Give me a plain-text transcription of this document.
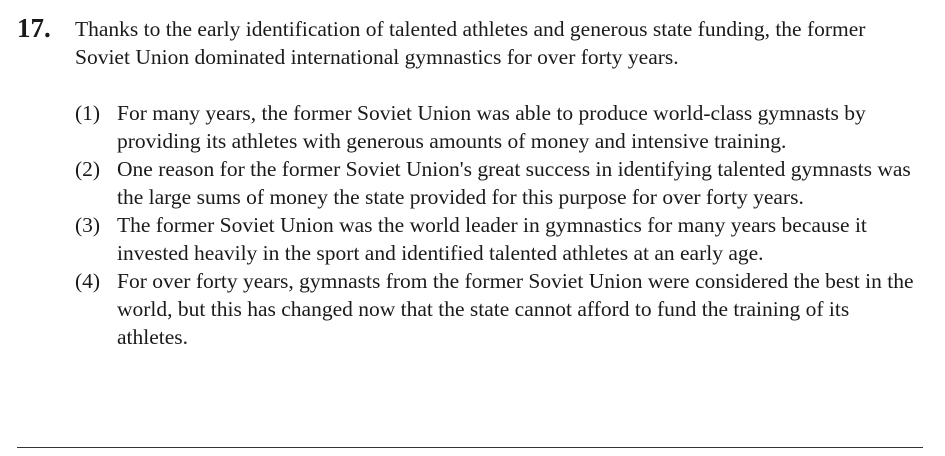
17.	Thanks to the early identification of talented athletes and generous state funding, the former Soviet Union dominated international gymnastics for over forty years.
(1) For many years, the former Soviet Union was able to produce world-class gymnasts by providing its athletes with generous amounts of money and intensive training.
(2) One reason for the former Soviet Union's great success in identifying talented gymnasts was the large sums of money the state provided for this purpose for over forty years.
(3) The former Soviet Union was the world leader in gymnastics for many years because it invested heavily in the sport and identified talented athletes at an early age.
(4) For over forty years, gymnasts from the former Soviet Union were considered the best in the world, but this has changed now that the state cannot afford to fund the training of its athletes.
